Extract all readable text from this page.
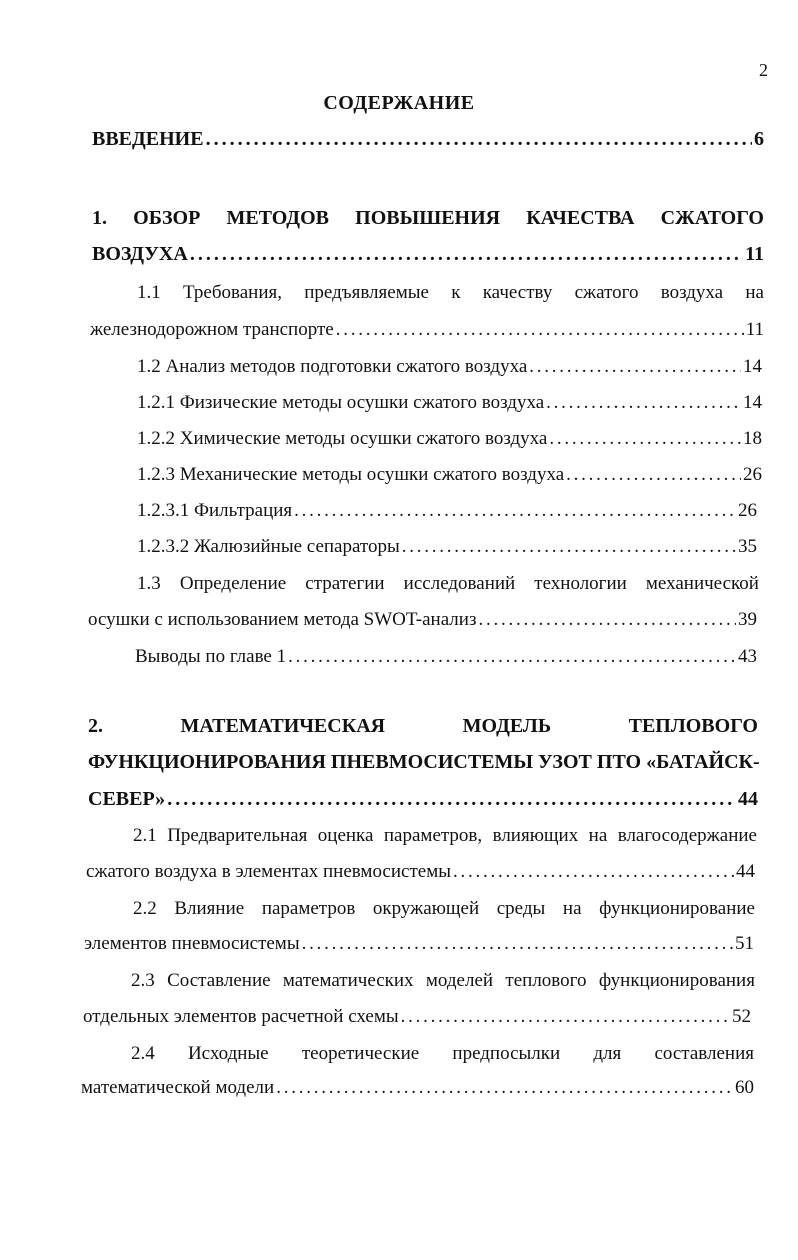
2
СОДЕРЖАНИЕ
ВВЕДЕНИЕ . . .	6
1. ОБЗОР МЕТОДОВ ПОВЫШЕНИЯ КАЧЕСТВА СЖАТОГО
ВОЗДУХА . . .	11
1.1 Требования, предъявляемые к качеству сжатого воздуха на
железнодорожном транспорте . . .	11
1.2 Анализ методов подготовки сжатого воздуха . . .	14
1.2.1 Физические методы осушки сжатого воздуха . . .	14
1.2.2 Химические методы осушки сжатого воздуха . . .	18
1.2.3 Механические методы осушки сжатого воздуха . . .	26
1.2.3.1 Фильтрация . . .	26
1.2.3.2 Жалюзийные сепараторы . . .	35
1.3 Определение стратегии исследований технологии механической
осушки с использованием метода SWOT-анализ . . .	39
Выводы по главе 1 . . .	43
2.	МАТЕМАТИЧЕСКАЯ	МОДЕЛЬ	ТЕПЛОВОГО
ФУНКЦИОНИРОВАНИЯ ПНЕВМОСИСТЕМЫ УЗОТ ПТО «БАТАЙСК-
СЕВЕР» . . .	44
2.1 Предварительная оценка параметров, влияющих на влагосодержание
сжатого воздуха в элементах пневмосистемы . . .	44
2.2 Влияние параметров окружающей среды на функционирование
элементов пневмосистемы . . .	51
2.3 Составление математических моделей теплового функционирования
отдельных элементов расчетной схемы . . .	52
2.4 Исходные теоретические предпосылки для составления
математической модели . . .	60
